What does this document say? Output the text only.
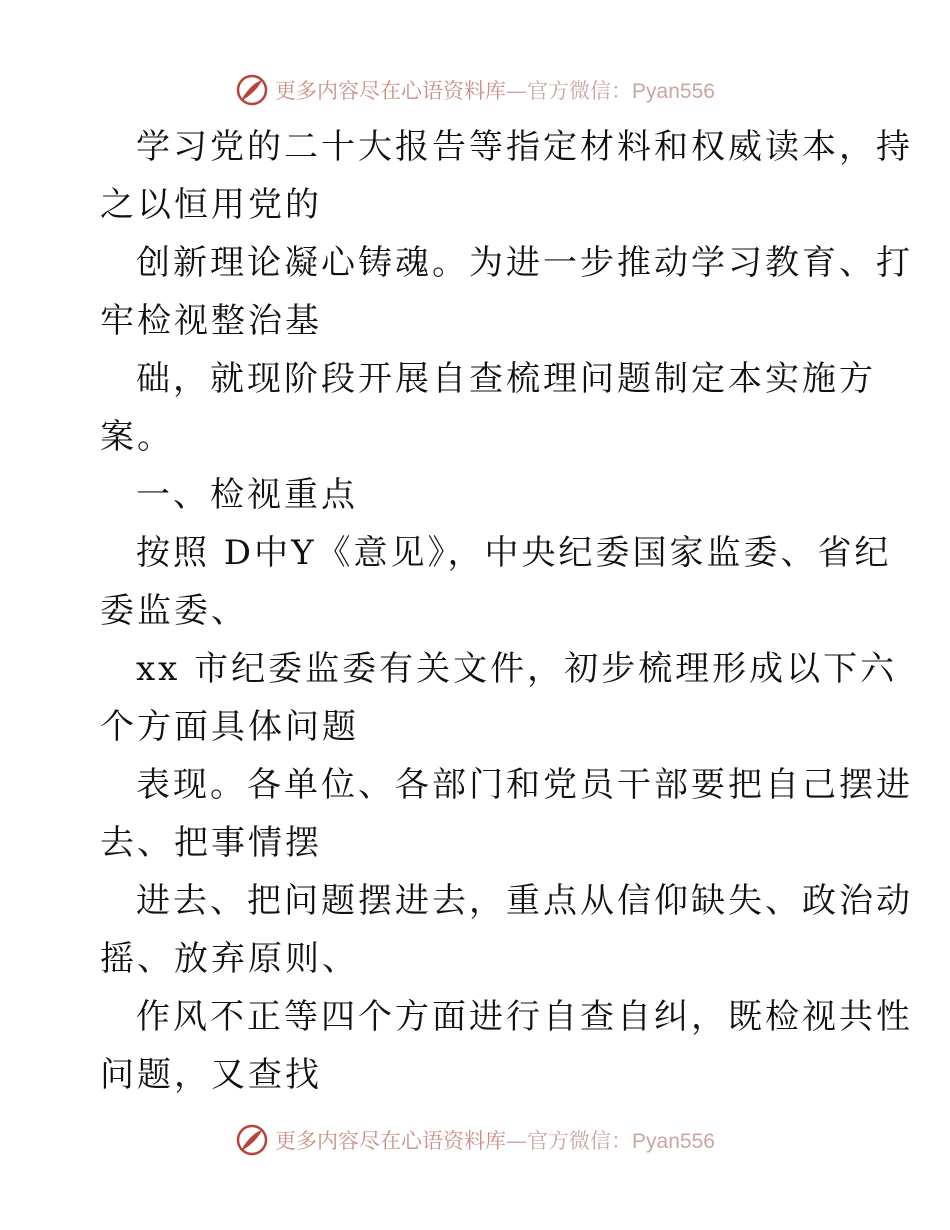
更多内容尽在心语资料库—官方微信：Pyan556
学习党的二十大报告等指定材料和权威读本，持
之以恒用党的
创新理论凝心铸魂。为进一步推动学习教育、打
牢检视整治基
础，就现阶段开展自查梳理问题制定本实施方
案。
一、检视重点
按照 D中Y《意见》，中央纪委国家监委、省纪
委监委、
xx 市纪委监委有关文件，初步梳理形成以下六
个方面具体问题
表现。各单位、各部门和党员干部要把自己摆进
去、把事情摆
进去、把问题摆进去，重点从信仰缺失、政治动
摇、放弃原则、
作风不正等四个方面进行自查自纠，既检视共性
问题，又查找
更多内容尽在心语资料库—官方微信：Pyan556
